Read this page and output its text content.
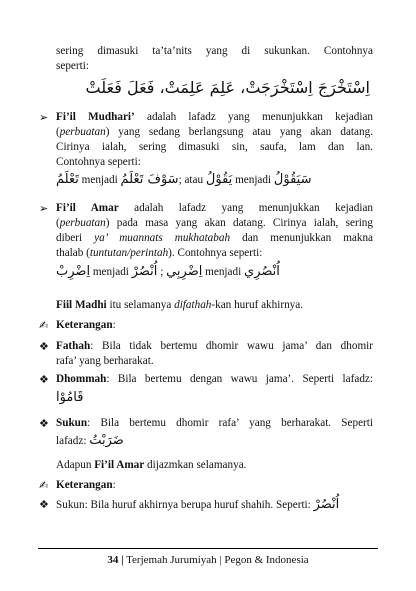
sering dimasuki ta’ta’nits yang di sukunkan. Contohnya
seperti:
اِسْتَخْرَجَ اِسْتَخْرَجَتْ، عَلِمَ عَلِمَتْ، فَعَلَ فَعَلَتْ
➢ Fi’il Mudhari’ adalah lafadz yang menunjukkan kejadian
(perbuatan) yang sedang berlangsung atau yang akan datang.
Cirinya ialah, sering dimasuki sin, saufa, lam dan lan.
Contohnya seperti:
تَعْلَمُ menjadi سَوْفَ تَعْلَمُ; atau يَقُوْلُ menjadi سَيَقُوْلُ
➢ Fi’il Amar adalah lafadz yang menunjukkan kejadian
(perbuatan) pada masa yang akan datang. Cirinya ialah, sering
diberi ya’ muannats mukhatabah dan menunjukkan makna
thalab (tuntutan/perintah). Contohnya seperti:
اِضْرِبْ menjadi	اِضْرِبِي ; اُنْصُرْ	menjadi اُنْصُرِي
Fiil Madhi itu selamanya difathah-kan huruf akhirnya.
✍ Keterangan:
❖ Fathah: Bila tidak bertemu dhomir wawu jama’ dan dhomir
rafa’ yang berharakat.
❖ Dhommah: Bila bertemu dengan wawu jama’. Seperti lafadz:
قَامُوْا
❖ Sukun: Bila bertemu dhomir rafa’ yang berharakat. Seperti
lafadz: ضَرَبْتُ
Adapun Fi’il Amar dijazmkan selamanya.
✍ Keterangan:
❖ Sukun: Bila huruf akhirnya berupa huruf shahih. Seperti: اُنْصُرْ
34 | Terjemah Jurumiyah | Pegon & Indonesia
